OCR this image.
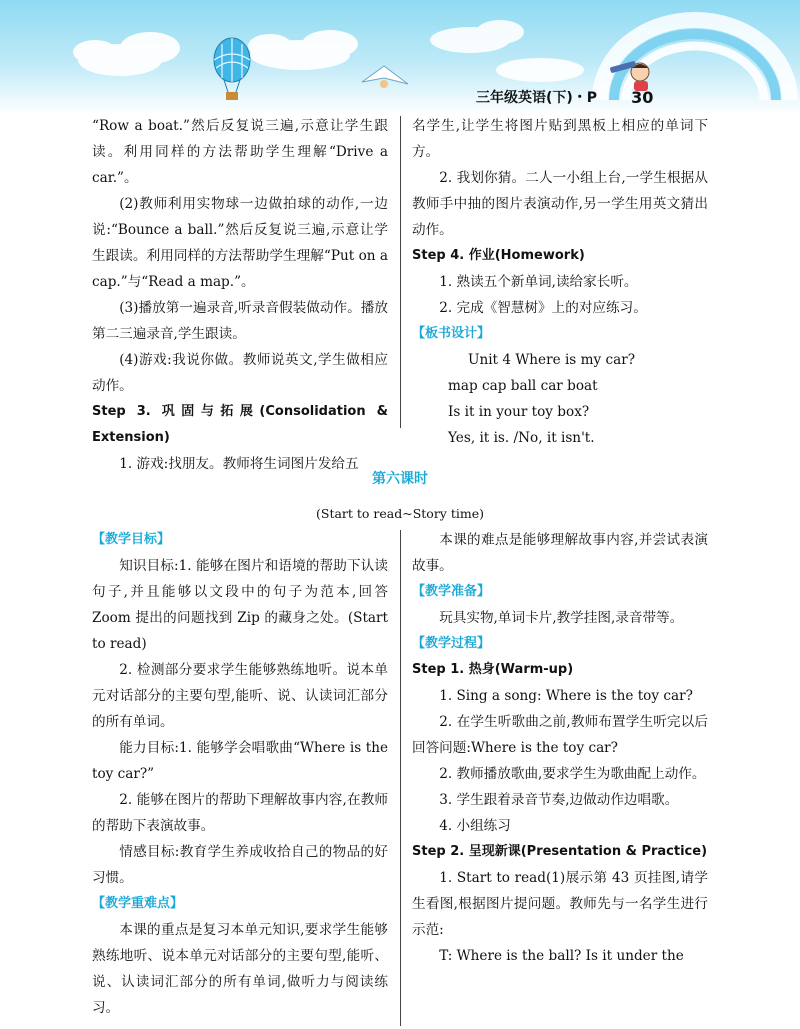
三年级英语(下)・P 30

“Row a boat.”然后反复说三遍,示意让学生跟读。利用同样的方法帮助学生理解“Drive a car.”。

(2)教师利用实物球一边做拍球的动作,一边说:“Bounce a ball.”然后反复说三遍,示意让学生跟读。利用同样的方法帮助学生理解“Put on a cap.”与“Read a map.”。

(3)播放第一遍录音,听录音假装做动作。播放第二三遍录音,学生跟读。

(4)游戏:我说你做。教师说英文,学生做相应动作。

Step 3. 巩固与拓展(Consolidation & Extension)

1. 游戏:找朋友。教师将生词图片发给五

名学生,让学生将图片贴到黑板上相应的单词下方。

2. 我划你猜。二人一小组上台,一学生根据从教师手中抽的图片表演动作,另一学生用英文猜出动作。

Step 4. 作业(Homework)

1. 熟读五个新单词,读给家长听。

2. 完成《智慧树》上的对应练习。

【板书设计】

Unit 4 Where is my car?

map cap ball car boat

Is it in your toy box?

Yes, it is. /No, it isn't.

第六课时
(Start to read~Story time)

【教学目标】

知识目标:1. 能够在图片和语境的帮助下认读句子,并且能够以文段中的句子为范本,回答 Zoom 提出的问题找到 Zip 的藏身之处。(Start to read)

2. 检测部分要求学生能够熟练地听。说本单元对话部分的主要句型,能听、说、认读词汇部分的所有单词。

能力目标:1. 能够学会唱歌曲“Where is the toy car?”

2. 能够在图片的帮助下理解故事内容,在教师的帮助下表演故事。

情感目标:教育学生养成收拾自己的物品的好习惯。

【教学重难点】

本课的重点是复习本单元知识,要求学生能够熟练地听、说本单元对话部分的主要句型,能听、说、认读词汇部分的所有单词,做听力与阅读练习。

本课的难点是能够理解故事内容,并尝试表演故事。

【教学准备】

玩具实物,单词卡片,教学挂图,录音带等。

【教学过程】

Step 1. 热身(Warm-up)

1. Sing a song: Where is the toy car?

2. 在学生听歌曲之前,教师布置学生听完以后回答问题:Where is the toy car?

2. 教师播放歌曲,要求学生为歌曲配上动作。

3. 学生跟着录音节奏,边做动作边唱歌。

4. 小组练习

Step 2. 呈现新课(Presentation & Practice)

1. Start to read(1)展示第 43 页挂图,请学生看图,根据图片提问题。教师先与一名学生进行示范:

T: Where is the ball? Is it under the
